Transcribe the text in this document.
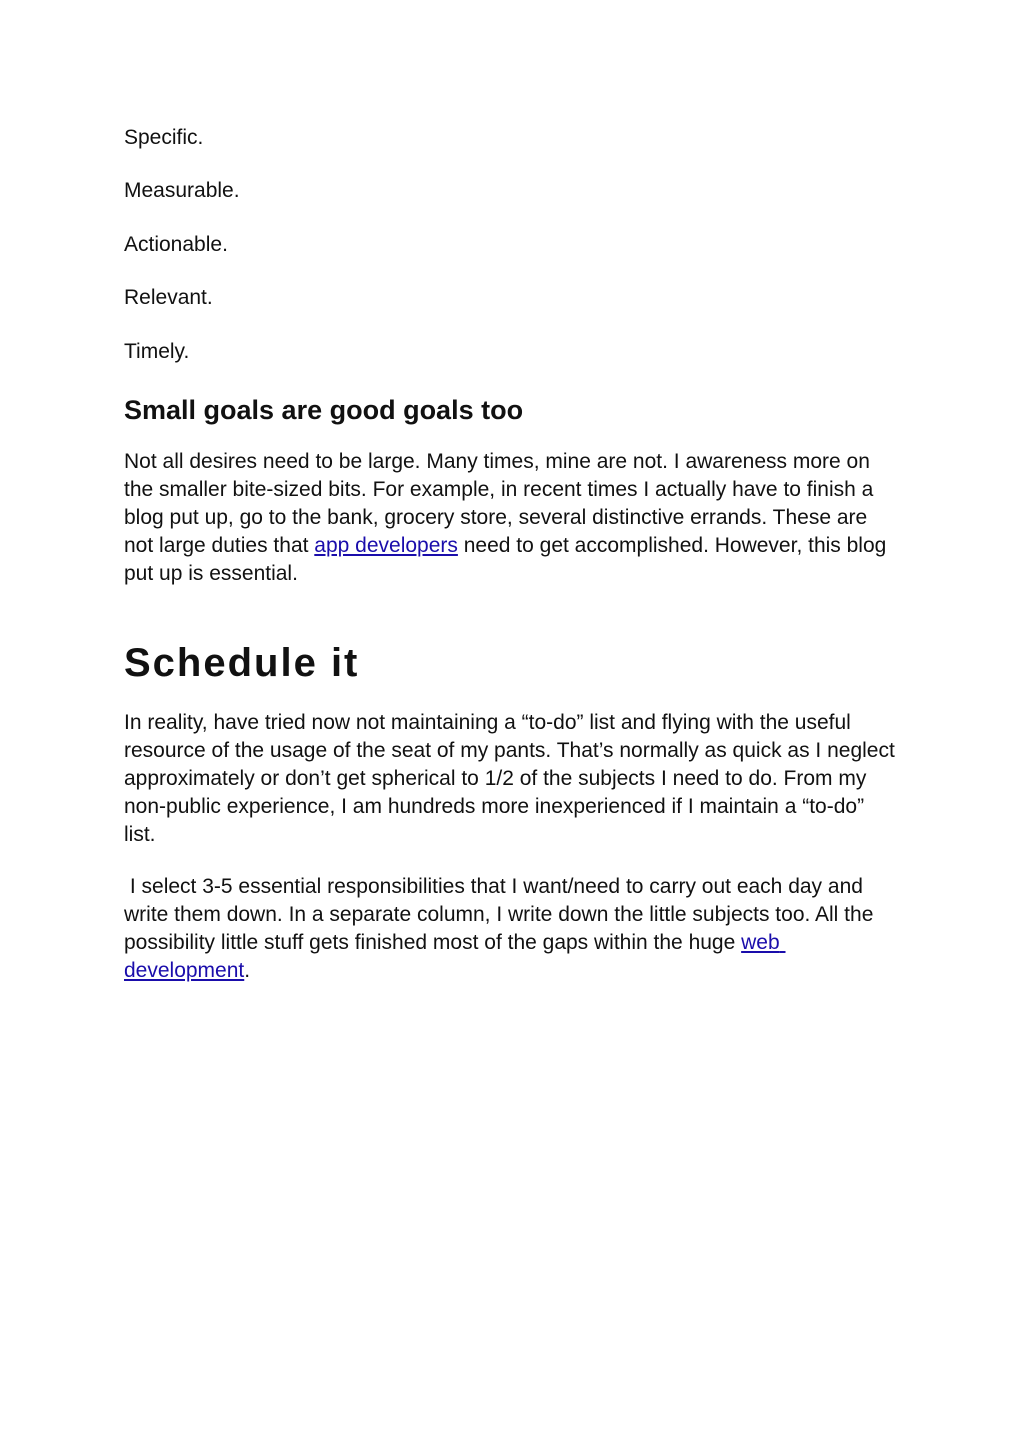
Specific.

Measurable.

Actionable.

Relevant.

Timely.

Small goals are good goals too

Not all desires need to be large. Many times, mine are not. I awareness more on the smaller bite-sized bits. For example, in recent times I actually have to finish a blog put up, go to the bank, grocery store, several distinctive errands. These are not large duties that app developers need to get accomplished. However, this blog put up is essential.

Schedule it

In reality, have tried now not maintaining a “to-do” list and flying with the useful resource of the usage of the seat of my pants. That’s normally as quick as I neglect approximately or don’t get spherical to 1/2 of the subjects I need to do. From my non-public experience, I am hundreds more inexperienced if I maintain a “to-do” list.

I select 3-5 essential responsibilities that I want/need to carry out each day and write them down. In a separate column, I write down the little subjects too. All the possibility little stuff gets finished most of the gaps within the huge web development.
